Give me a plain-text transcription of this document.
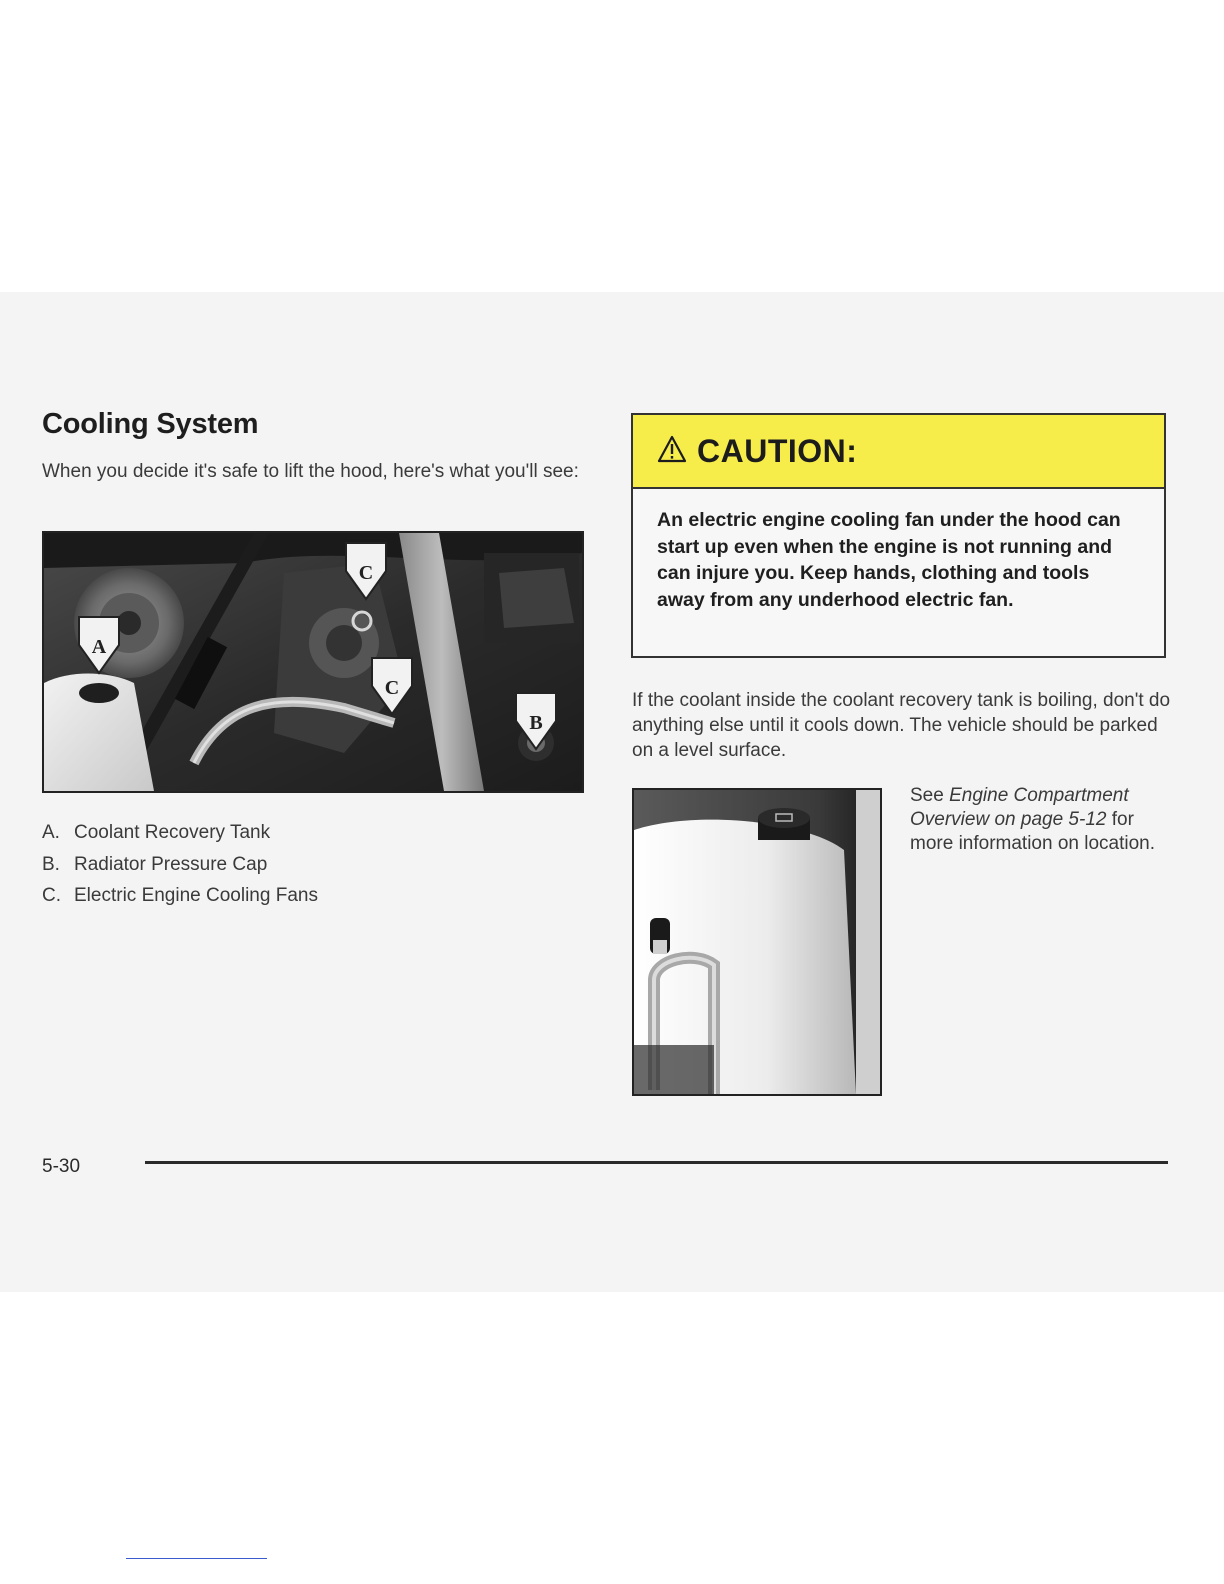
Cooling System

When you decide it's safe to lift the hood, here's what you'll see:

A
B
C
C
A. Coolant Recovery Tank
B. Radiator Pressure Cap
C. Electric Engine Cooling Fans
CAUTION:

An electric engine cooling fan under the hood can start up even when the engine is not running and can injure you. Keep hands, clothing and tools away from any underhood electric fan.

If the coolant inside the coolant recovery tank is boiling, don't do anything else until it cools down. The vehicle should be parked on a level surface.

See Engine Compartment Overview on page 5-12 for more information on location.

5-30
